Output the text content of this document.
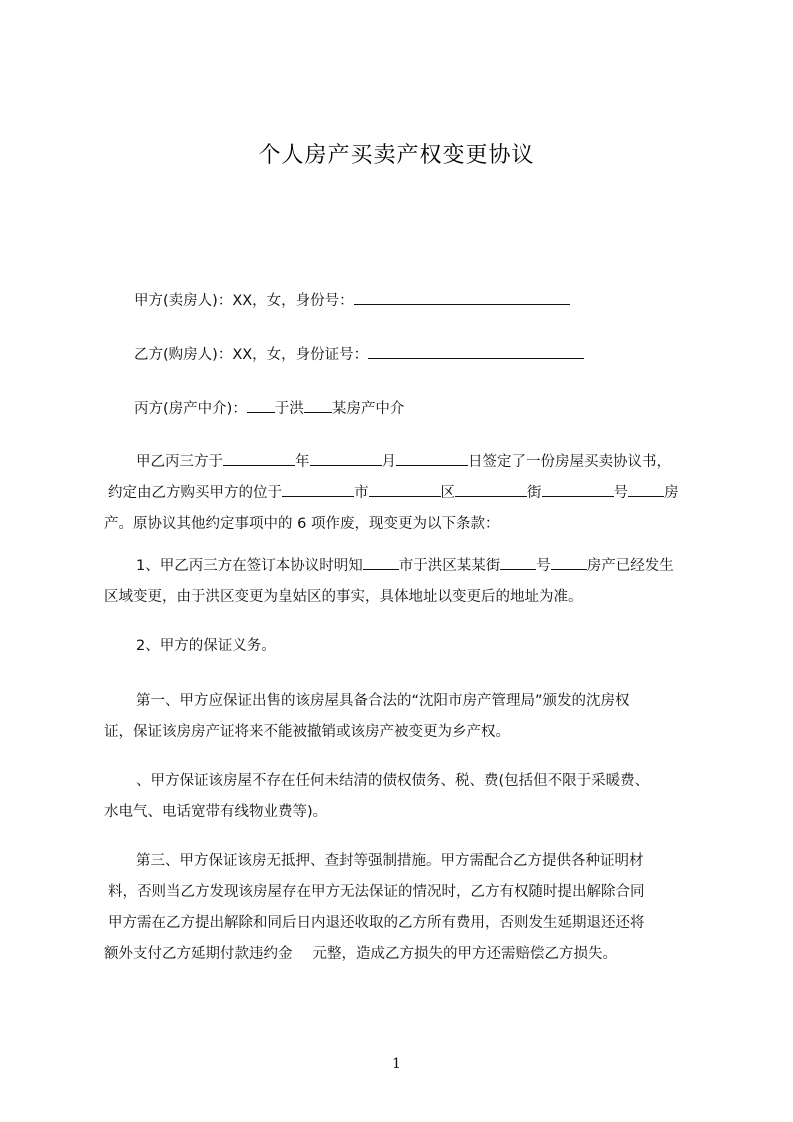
个人房产买卖产权变更协议

甲方(卖房人)：XX，女，身份号：

乙方(购房人)：XX，女，身份证号：

丙方(房产中介)： 于洪 某房产中介

甲乙丙三方于	年	月	日签定了一份房屋买卖协议书，
约定由乙方购买甲方的位于	市	区	街	号 房
产。原协议其他约定事项中的 6 项作废，现变更为以下条款：
1、甲乙丙三方在签订本协议时明知 市于洪区某某街 号 房产已经发生
区域变更，由于洪区变更为皇姑区的事实，具体地址以变更后的地址为准。
2、甲方的保证义务。
第一、甲方应保证出售的该房屋具备合法的“沈阳市房产管理局”颁发的沈房权
证，保证该房房产证将来不能被撤销或该房产被变更为乡产权。
、甲方保证该房屋不存在任何未结清的债权债务、税、费(包括但不限于采暖费、
水电气、电话宽带有线物业费等)。
第三、甲方保证该房无抵押、查封等强制措施。甲方需配合乙方提供各种证明材
料，否则当乙方发现该房屋存在甲方无法保证的情况时，乙方有权随时提出解除合同
甲方需在乙方提出解除和同后日内退还收取的乙方所有费用，否则发生延期退还还将
额外支付乙方延期付款违约金 元整，造成乙方损失的甲方还需赔偿乙方损失。
1
